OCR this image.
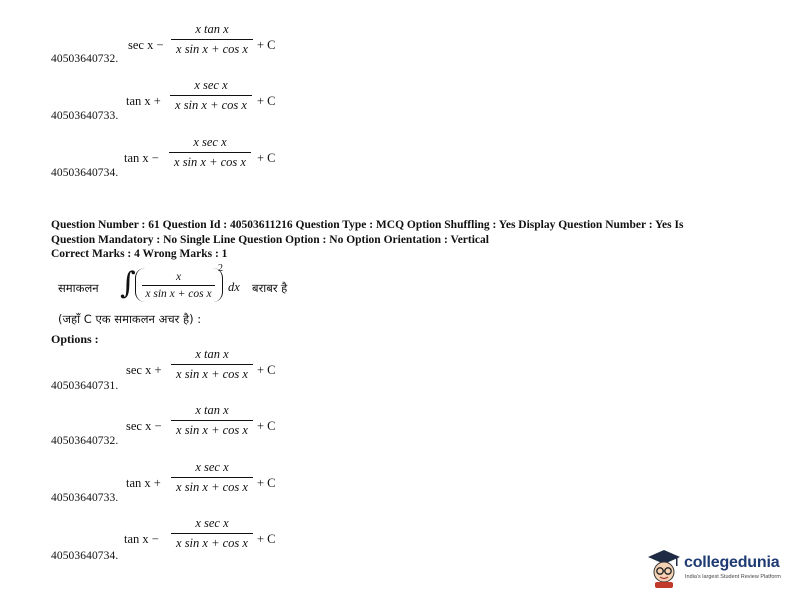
sec x −
x tan x
x sin x + cos x + C
40503640732.
tan x +
x sec x
x sin x + cos x + C
40503640733.
tan x −
x sec x
x sin x + cos x + C
40503640734.
Question Number : 61 Question Id : 40503611216 Question Type : MCQ Option Shuffling : Yes Display Question Number : Yes Is
Question Mandatory : No Single Line Question Option : No Option Orientation : Vertical
Correct Marks : 4 Wrong Marks : 1
समाकलन ∫	x
x sin x + cos x
2
dx बराबर है
(जहाँ C एक समाकलन अचर है) :
Options :
sec x +
x tan x
x sin x + cos x + C
40503640731.
sec x −
x tan x
x sin x + cos x + C
40503640732.
tan x +
x sec x
x sin x + cos x + C
40503640733.
tan x −
x sec x
x sin x + cos x + C
40503640734.	collegedunia
India's largest Student Review Platform
